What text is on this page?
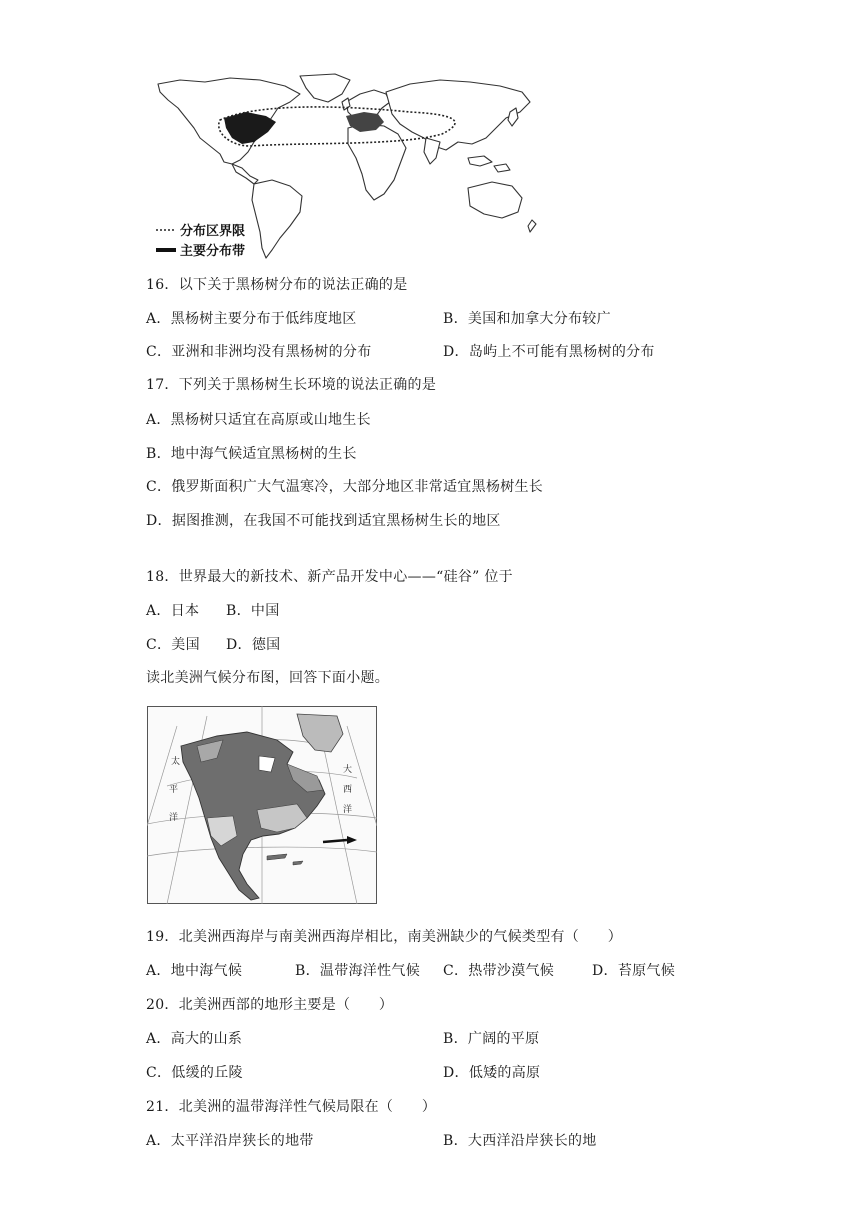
分布区界限
主要分布带
16．以下关于黑杨树分布的说法正确的是
A．黑杨树主要分布于低纬度地区	B．美国和加拿大分布较广
C．亚洲和非洲均没有黑杨树的分布	D．岛屿上不可能有黑杨树的分布
17．下列关于黑杨树生长环境的说法正确的是
A．黑杨树只适宜在高原或山地生长
B．地中海气候适宜黑杨树的生长
C．俄罗斯面积广大气温寒冷，大部分地区非常适宜黑杨树生长
D．据图推测，在我国不可能找到适宜黑杨树生长的地区
18．世界最大的新技术、新产品开发中心——“硅谷” 位于
A．日本 B．中国
C．美国 D．德国
读北美洲气候分布图，回答下面小题。
太
平
洋
大
西
洋
19．北美洲西海岸与南美洲西海岸相比，南美洲缺少的气候类型有（　　）
A．地中海气候	B．温带海洋性气候 C．热带沙漠气候	D．苔原气候
20．北美洲西部的地形主要是（　　）
A．高大的山系	B．广阔的平原
C．低缓的丘陵	D．低矮的高原
21．北美洲的温带海洋性气候局限在（　　）
A．太平洋沿岸狭长的地带	B．大西洋沿岸狭长的地
